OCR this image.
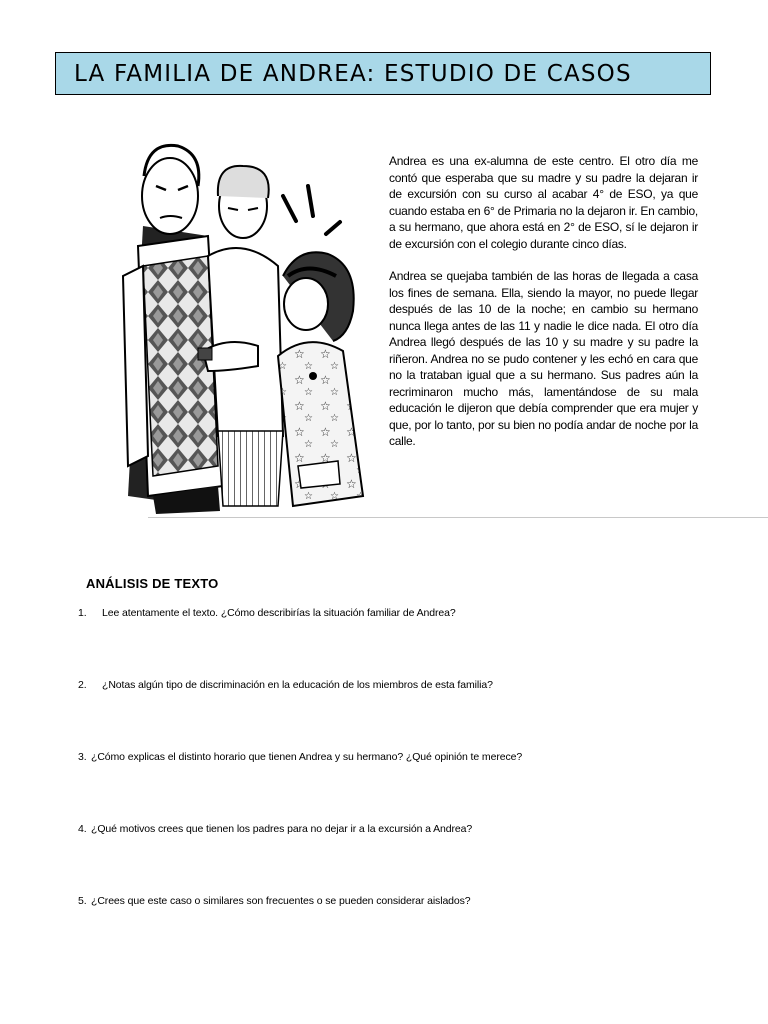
LA FAMILIA DE ANDREA: ESTUDIO DE CASOS

Andrea es una ex-alumna de este centro. El otro día me contó que esperaba que su madre y su padre la dejaran ir de excursión con su curso al acabar 4° de ESO, ya que cuando estaba en 6° de Primaria no la dejaron ir. En cambio, a su hermano, que ahora está en 2° de ESO, sí le dejaron ir de excursión con el colegio durante cinco días.

Andrea se quejaba también de las horas de llegada a casa los fines de semana. Ella, siendo la mayor, no puede llegar después de las 10 de la noche; en cambio su hermano nunca llega antes de las 11 y nadie le dice nada. El otro día Andrea llegó después de las 10 y su madre y su padre la riñeron. Andrea no se pudo contener y les echó en cara que no la trataban igual que a su hermano. Sus padres aún la recriminaron mucho más, lamentándose de su mala educación le dijeron que debía comprender que era mujer y que, por lo tanto, por su bien no podía andar de noche por la calle.

ANÁLISIS DE TEXTO
1. Lee atentamente el texto. ¿Cómo describirías la situación familiar de Andrea?
2. ¿Notas algún tipo de discriminación en la educación de los miembros de esta familia?
3. ¿Cómo explicas el distinto horario que tienen Andrea y su hermano? ¿Qué opinión te merece?
4. ¿Qué motivos crees que tienen los padres para no dejar ir a la excursión a Andrea?
5. ¿Crees que este caso o similares son frecuentes o se pueden considerar aislados?
